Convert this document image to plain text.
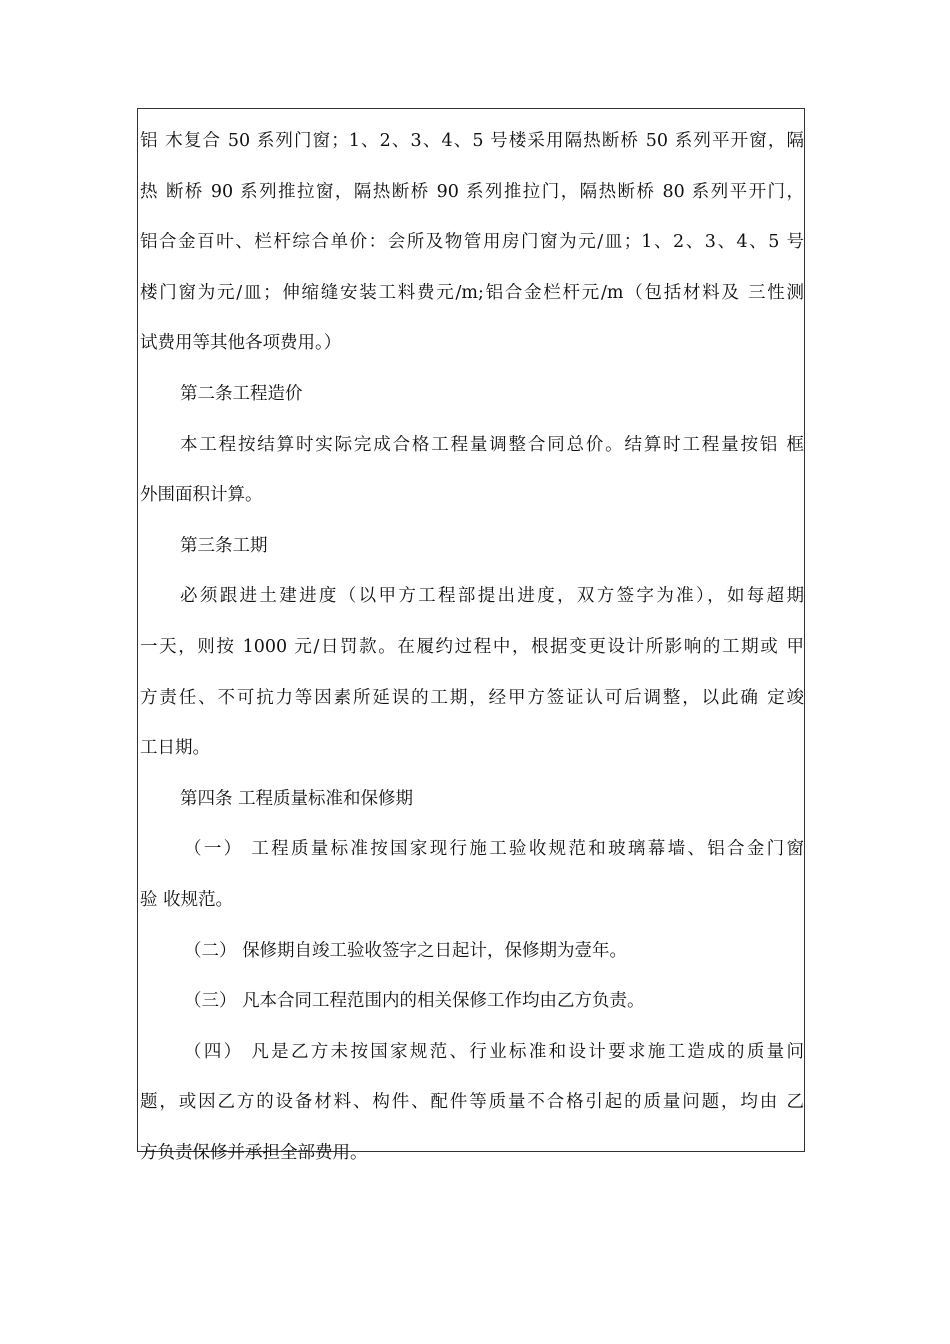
铝 木复合 50 系列门窗；1、2、3、4、5 号楼采用隔热断桥 50 系列平开窗，隔
热 断桥 90 系列推拉窗，隔热断桥 90 系列推拉门，隔热断桥 80 系列平开门，
铝合金百叶、栏杆综合单价：会所及物管用房门窗为元/皿；1、2、3、4、5 号
楼门窗为元/皿；伸缩缝安装工料费元/m;铝合金栏杆元/m（包括材料及 三性测
试费用等其他各项费用。）
第二条工程造价
本工程按结算时实际完成合格工程量调整合同总价。结算时工程量按铝 框
外围面积计算。
第三条工期
必须跟进土建进度（以甲方工程部提出进度，双方签字为准），如每超期
一天，则按 1000 元/日罚款。在履约过程中，根据变更设计所影响的工期或 甲
方责任、不可抗力等因素所延误的工期，经甲方签证认可后调整，以此确 定竣
工日期。
第四条 工程质量标准和保修期
（一） 工程质量标准按国家现行施工验收规范和玻璃幕墙、铝合金门窗
验 收规范。
（二） 保修期自竣工验收签字之日起计，保修期为壹年。
（三） 凡本合同工程范围内的相关保修工作均由乙方负责。
（四） 凡是乙方未按国家规范、行业标准和设计要求施工造成的质量问
题，或因乙方的设备材料、构件、配件等质量不合格引起的质量问题，均由 乙
方负责保修并承担全部费用。
